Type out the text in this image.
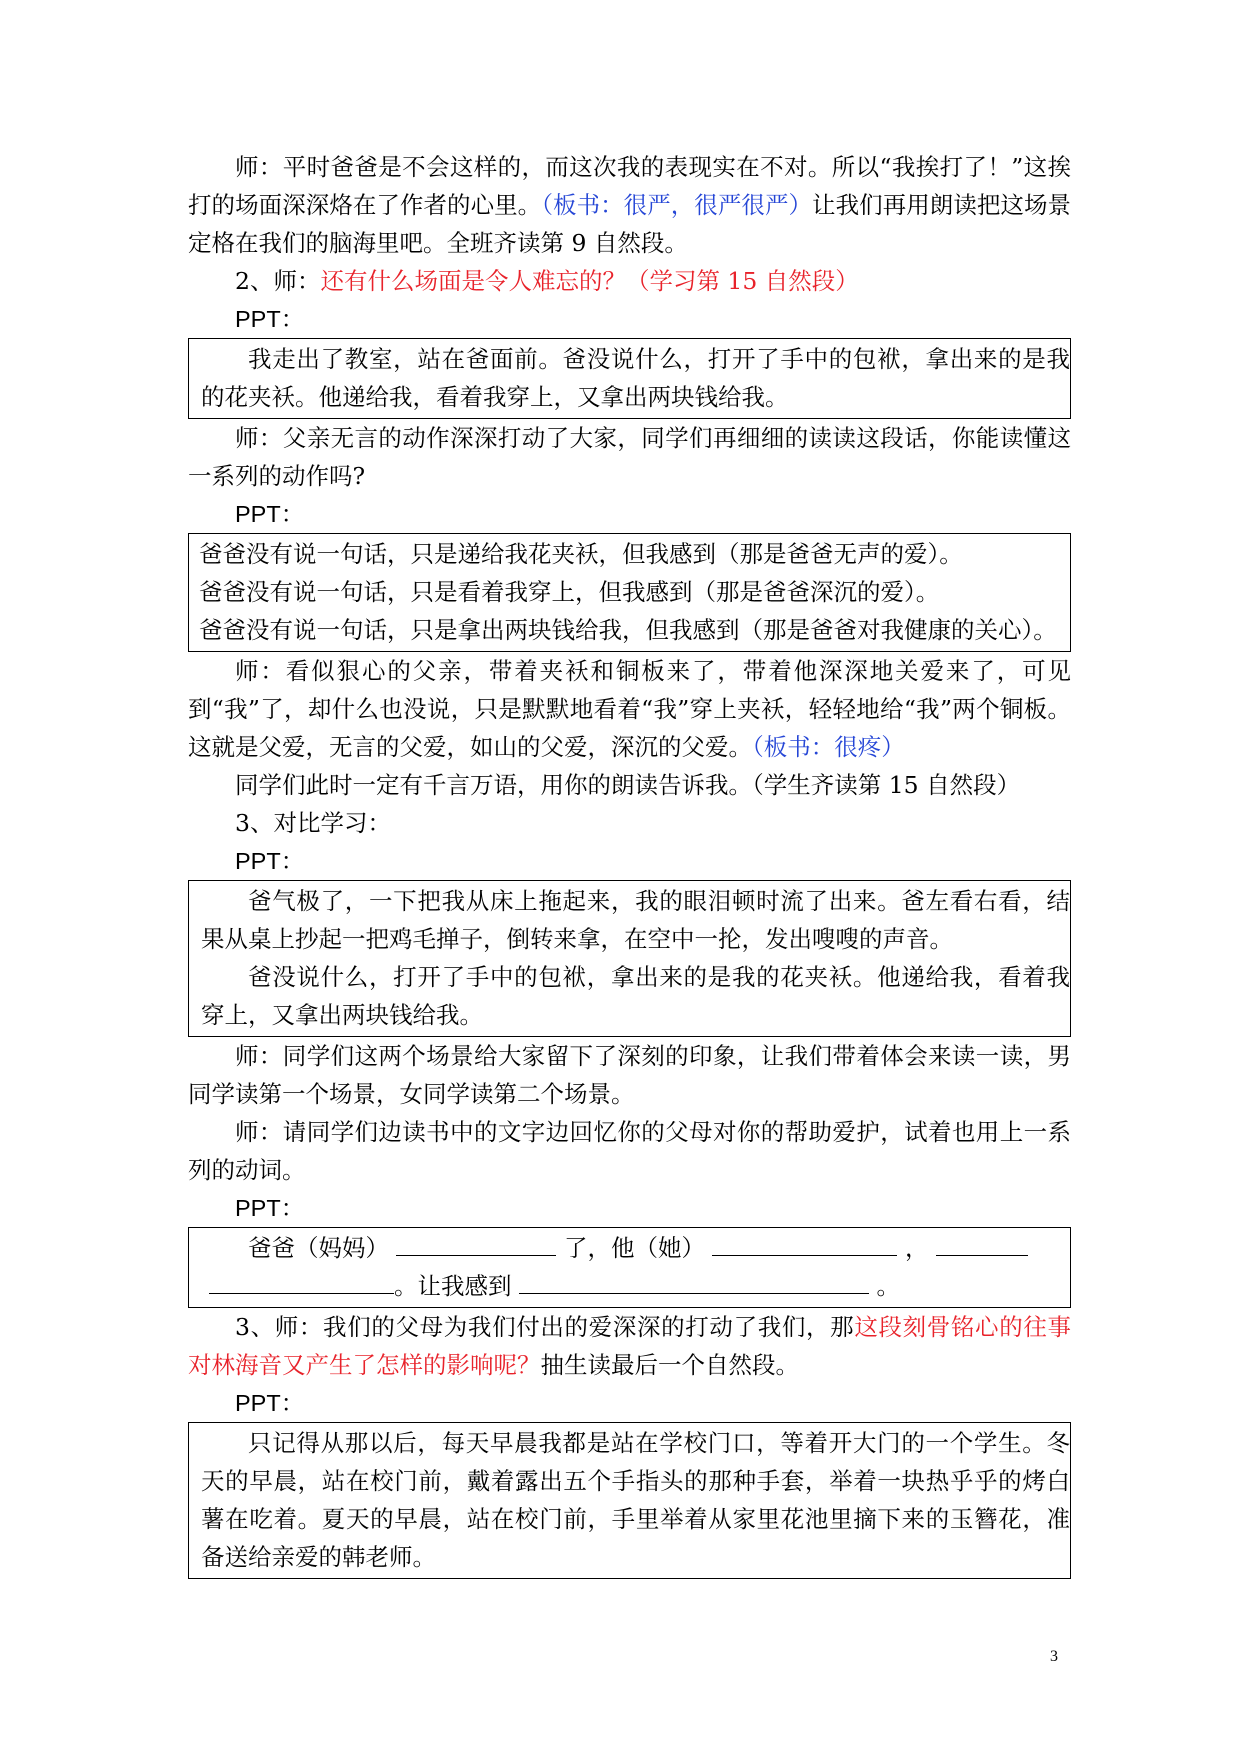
师：平时爸爸是不会这样的，而这次我的表现实在不对。所以“我挨打了！”这挨打的场面深深烙在了作者的心里。（板书：很严，很严很严）让我们再用朗读把这场景定格在我们的脑海里吧。全班齐读第 9 自然段。

2、师：还有什么场面是令人难忘的？（学习第 15 自然段）

PPT：

我走出了教室，站在爸面前。爸没说什么，打开了手中的包袱，拿出来的是我的花夹袄。他递给我，看着我穿上，又拿出两块钱给我。

师：父亲无言的动作深深打动了大家，同学们再细细的读读这段话，你能读懂这一系列的动作吗?

PPT：

爸爸没有说一句话，只是递给我花夹袄，但我感到（那是爸爸无声的爱）。

爸爸没有说一句话，只是看着我穿上，但我感到（那是爸爸深沉的爱）。

爸爸没有说一句话，只是拿出两块钱给我，但我感到（那是爸爸对我健康的关心）。

师：看似狠心的父亲，带着夹袄和铜板来了，带着他深深地关爱来了，可见到“我”了，却什么也没说，只是默默地看着“我”穿上夹袄，轻轻地给“我”两个铜板。这就是父爱，无言的父爱，如山的父爱，深沉的父爱。（板书：很疼）

同学们此时一定有千言万语，用你的朗读告诉我。（学生齐读第 15 自然段）

3、对比学习：

PPT：

爸气极了，一下把我从床上拖起来，我的眼泪顿时流了出来。爸左看右看，结果从桌上抄起一把鸡毛掸子，倒转来拿，在空中一抡，发出嗖嗖的声音。

爸没说什么，打开了手中的包袱，拿出来的是我的花夹袄。他递给我，看着我穿上，又拿出两块钱给我。

师：同学们这两个场景给大家留下了深刻的印象，让我们带着体会来读一读，男同学读第一个场景，女同学读第二个场景。

师：请同学们边读书中的文字边回忆你的父母对你的帮助爱护，试着也用上一系列的动词。

PPT：

爸爸（妈妈）	了，他（她）	，

。让我感到	。

3、师：我们的父母为我们付出的爱深深的打动了我们，那这段刻骨铭心的往事对林海音又产生了怎样的影响呢？抽生读最后一个自然段。

PPT：

只记得从那以后，每天早晨我都是站在学校门口，等着开大门的一个学生。冬天的早晨，站在校门前，戴着露出五个手指头的那种手套，举着一块热乎乎的烤白薯在吃着。夏天的早晨，站在校门前，手里举着从家里花池里摘下来的玉簪花，准备送给亲爱的韩老师。

3
